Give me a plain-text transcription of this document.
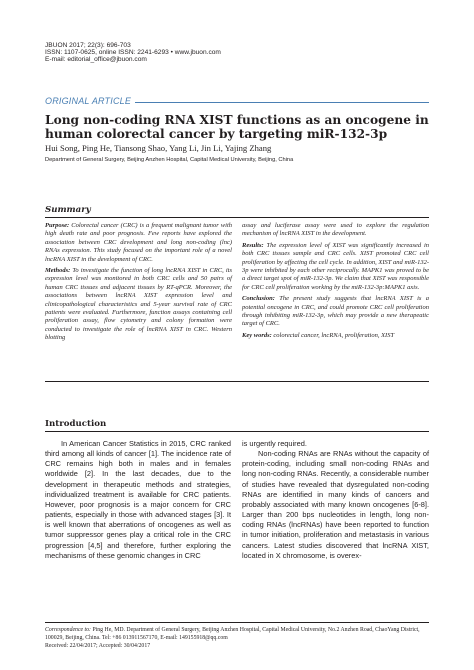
JBUON 2017; 22(3): 696-703
ISSN: 1107-0625, online ISSN: 2241-6293 • www.jbuon.com
E-mail: editorial_office@jbuon.com
ORIGINAL ARTICLE
Long non-coding RNA XIST functions as an oncogene in human colorectal cancer by targeting miR-132-3p
Hui Song, Ping He, Tiansong Shao, Yang Li, Jin Li, Yajing Zhang
Department of General Surgery, Beijing Anzhen Hospital, Capital Medical University, Beijing, China
Summary

Purpose: Colorectal cancer (CRC) is a frequent malignant tumor with high death rate and poor prognosis. Few reports have explored the association between CRC development and long non-coding (lnc) RNAs expression. This study focused on the important role of a novel lncRNA XIST in the development of CRC.

Methods: To investigate the function of long lncRNA XIST in CRC, its expression level was monitored in both CRC cells and 50 pairs of human CRC tissues and adjacent tissues by RT-qPCR. Moreover, the associations between lncRNA XIST expression level and clinicopathological characteristics and 5-year survival rate of CRC patients were evaluated. Furthermore, function assays containing cell proliferation assay, flow cytometry and colony formation were conducted to investigate the role of lncRNA XIST in CRC. Western blotting

assay and luciferase assay were used to explore the regulation mechanism of lncRNA XIST in the development.

Results: The expression level of XIST was significantly increased in both CRC tissues sample and CRC cells. XIST promoted CRC cell proliferation by affecting the cell cycle. In addition, XIST and miR-132-3p were inhibited by each other reciprocally. MAPK1 was proved to be a direct target spot of miR-132-3p. We claim that XIST was responsible for CRC cell proliferation working by the miR-132-3p:MAPK1 axis.

Conclusion: The present study suggests that lncRNA XIST is a potential oncogene in CRC, and could promote CRC cell proliferation through inhibiting miR-132-3p, which may provide a new therapeatic target of CRC.

Key words: colorectal cancer, lncRNA, proliferation, XIST

Introduction

In American Cancer Statistics in 2015, CRC ranked third among all kinds of cancer [1]. The incidence rate of CRC remains high both in males and in females worldwide [2]. In the last decades, due to the development in therapeutic methods and strategies, individualized treatment is available for CRC patients. However, poor prognosis is a major concern for CRC patients, especially in those with advanced stages [3]. It is well known that aberrations of oncogenes as well as tumor suppressor genes play a critical role in the CRC progression [4,5] and therefore, further exploring the mechanisms of these genomic changes in CRC

is urgently required.

Non-coding RNAs are RNAs without the capacity of protein-coding, including small non-coding RNAs and long non-coding RNAs. Recently, a considerable number of studies have revealed that dysregulated non-coding RNAs are identified in many kinds of cancers and probably associated with many known oncogenes [6-8]. Larger than 200 bps nucleotides in length, long non-coding RNAs (lncRNAs) have been reported to function in tumor initiation, proliferation and metastasis in various cancers. Latest studies discovered that lncRNA XIST, located in X chromosome, is overex-

Correspondence to: Ping He, MD. Department of General Surgery, Beijing Anzhen Hospital, Capital Medical University, No.2 Anzhen Road, ChaoYang District, 100029, Beijing, China. Tel: +86 013911567170, E-mail: 149155918@qq.com
Received: 22/04/2017; Accepted: 30/04/2017
